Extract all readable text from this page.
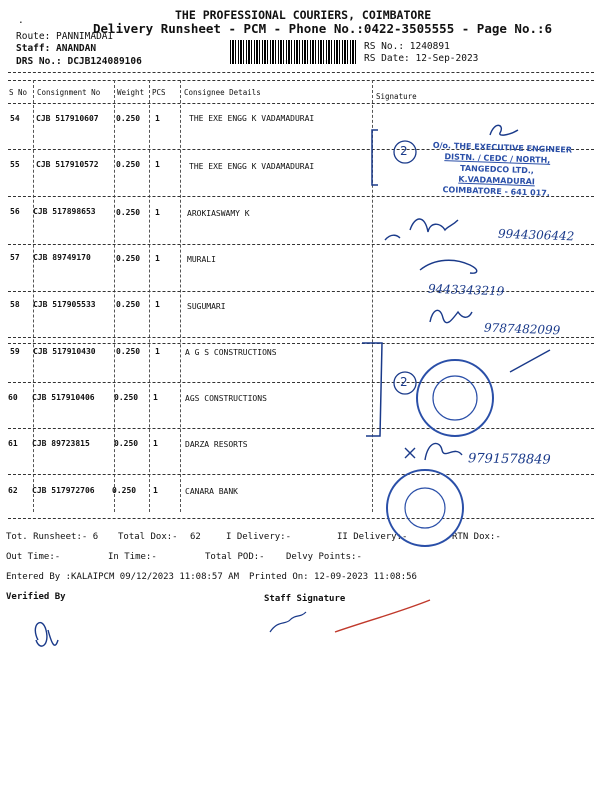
.	THE PROFESSIONAL COURIERS, COIMBATORE
Delivery Runsheet - PCM - Phone No.:0422-3505555 - Page No.:6
Route: PANNIMADAI
Staff: ANANDAN
DRS No.: DCJB124089106
RS No.: 1240891
RS Date: 12-Sep-2023
S No Consignment No Weight PCS Consignee Details	Signature
54 CJB 517910607 0.250 1	THE EXE ENGG K VADAMADURAI
55 CJB 517910572 0.250 1	THE EXE ENGG K VADAMADURAI
56 CJB 517898653	0.250 1	AROKIASWAMY K
57 CJB 89749170	0.250 1	MURALI
58 CJB 517905533	0.250 1	SUGUMARI
59 CJB 517910430	0.250 1	A G S CONSTRUCTIONS
60 CJB 517910406 0.250 1	AGS CONSTRUCTIONS
61 CJB 89723815	0.250 1	DARZA RESORTS
62 CJB 517972706 0.250 1	CANARA BANK
Tot. Runsheet:- 6 Total Dox:- 62	I Delivery:-	II Delivery:-	RTN Dox:-
Out Time:-	In Time:-	Total POD:- Delvy Points:-
Entered By :KALAIPCM 09/12/2023 11:08:57 AM Printed On: 12-09-2023 11:08:56
Verified By	Staff Signature
2
2
9944306442
9443343219
9787482099
9791578849
O/o. THE EXECUTIVE ENGINEER
DISTN. / CEDC / NORTH,
TANGEDCO LTD.,
K.VADAMADURAI
COIMBATORE - 641 017.
